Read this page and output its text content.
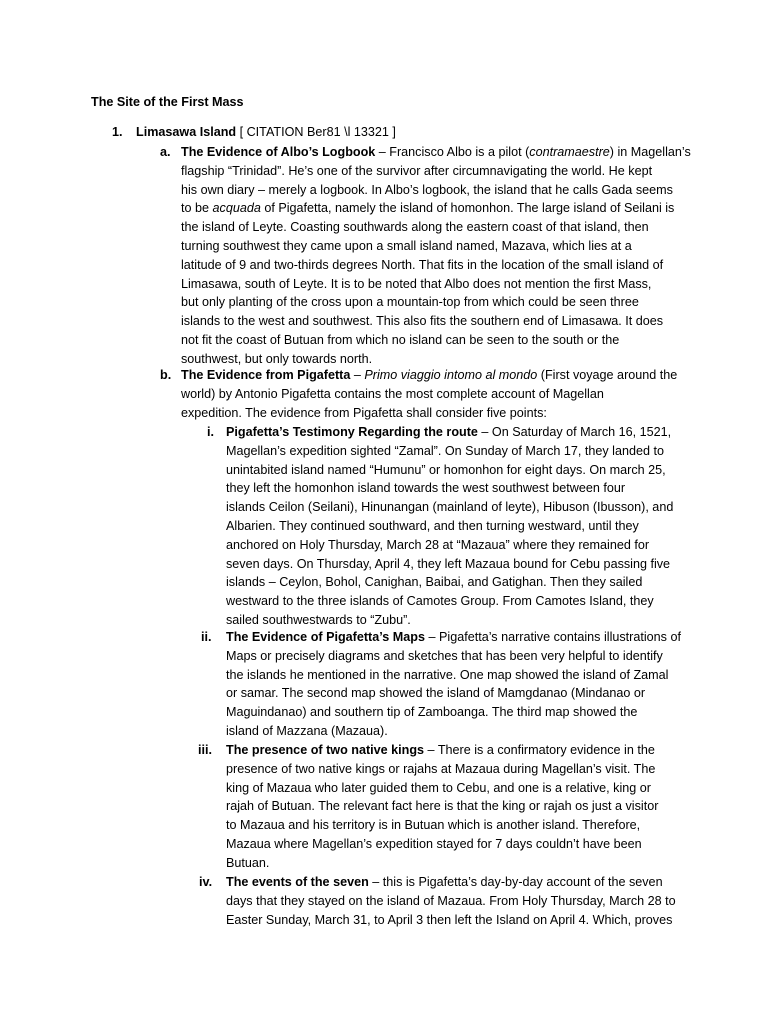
The Site of the First Mass
1. Limasawa Island [ CITATION Ber81 \l 13321 ]
a. The Evidence of Albo’s Logbook – Francisco Albo is a pilot (contramaestre) in Magellan’s

flagship “Trinidad”. He’s one of the survivor after circumnavigating the world. He kept

his own diary – merely a logbook. In Albo’s logbook, the island that he calls Gada seems

to be acquada of Pigafetta, namely the island of homonhon. The large island of Seilani is

the island of Leyte. Coasting southwards along the eastern coast of that island, then

turning southwest they came upon a small island named, Mazava, which lies at a

latitude of 9 and two-thirds degrees North. That fits in the location of the small island of

Limasawa, south of Leyte. It is to be noted that Albo does not mention the first Mass,

but only planting of the cross upon a mountain-top from which could be seen three

islands to the west and southwest. This also fits the southern end of Limasawa. It does

not fit the coast of Butuan from which no island can be seen to the south or the

southwest, but only towards north.

b. The Evidence from Pigafetta – Primo viaggio intomo al mondo (First voyage around the

world) by Antonio Pigafetta contains the most complete account of Magellan

expedition. The evidence from Pigafetta shall consider five points:

i. Pigafetta’s Testimony Regarding the route – On Saturday of March 16, 1521,

Magellan’s expedition sighted “Zamal”. On Sunday of March 17, they landed to

unintabited island named “Humunu” or homonhon for eight days. On march 25,

they left the homonhon island towards the west southwest between four

islands Ceilon (Seilani), Hinunangan (mainland of leyte), Hibuson (Ibusson), and

Albarien. They continued southward, and then turning westward, until they

anchored on Holy Thursday, March 28 at “Mazaua” where they remained for

seven days. On Thursday, April 4, they left Mazaua bound for Cebu passing five

islands – Ceylon, Bohol, Canighan, Baibai, and Gatighan. Then they sailed

westward to the three islands of Camotes Group. From Camotes Island, they

sailed southwestwards to “Zubu”.

ii. The Evidence of Pigafetta’s Maps – Pigafetta’s narrative contains illustrations of

Maps or precisely diagrams and sketches that has been very helpful to identify

the islands he mentioned in the narrative. One map showed the island of Zamal

or samar. The second map showed the island of Mamgdanao (Mindanao or

Maguindanao) and southern tip of Zamboanga. The third map showed the

island of Mazzana (Mazaua).

iii. The presence of two native kings – There is a confirmatory evidence in the

presence of two native kings or rajahs at Mazaua during Magellan’s visit. The

king of Mazaua who later guided them to Cebu, and one is a relative, king or

rajah of Butuan. The relevant fact here is that the king or rajah os just a visitor

to Mazaua and his territory is in Butuan which is another island. Therefore,

Mazaua where Magellan’s expedition stayed for 7 days couldn’t have been

Butuan.

iv. The events of the seven – this is Pigafetta’s day-by-day account of the seven

days that they stayed on the island of Mazaua. From Holy Thursday, March 28 to

Easter Sunday, March 31, to April 3 then left the Island on April 4. Which, proves
